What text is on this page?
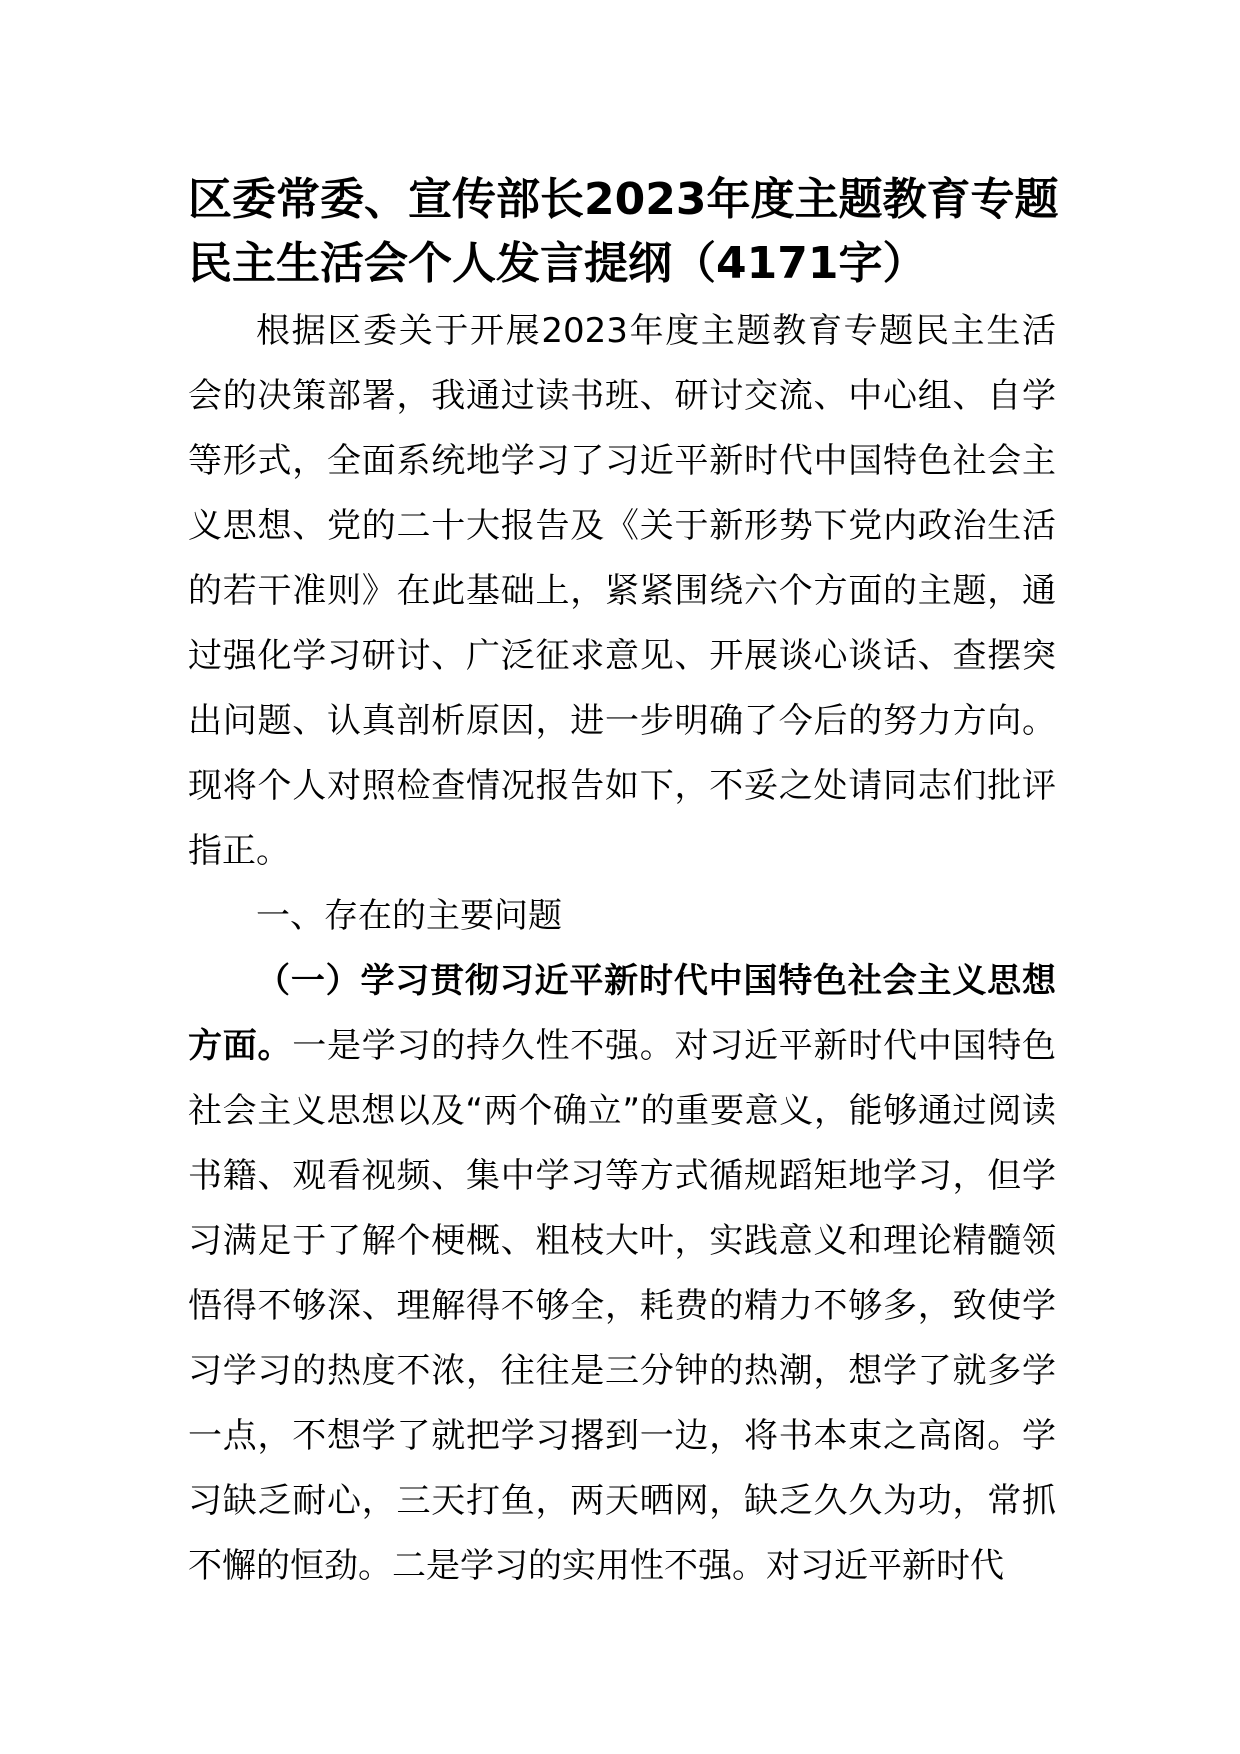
区委常委、宣传部长2023年度主题教育专题民主生活会个人发言提纲（4171字）

根据区委关于开展2023年度主题教育专题民主生活会的决策部署，我通过读书班、研讨交流、中心组、自学等形式，全面系统地学习了习近平新时代中国特色社会主义思想、党的二十大报告及《关于新形势下党内政治生活的若干准则》在此基础上，紧紧围绕六个方面的主题，通过强化学习研讨、广泛征求意见、开展谈心谈话、查摆突出问题、认真剖析原因，进一步明确了今后的努力方向。现将个人对照检查情况报告如下，不妥之处请同志们批评指正。

一、存在的主要问题

（一）学习贯彻习近平新时代中国特色社会主义思想方面。一是学习的持久性不强。对习近平新时代中国特色社会主义思想以及“两个确立”的重要意义，能够通过阅读书籍、观看视频、集中学习等方式循规蹈矩地学习，但学习满足于了解个梗概、粗枝大叶，实践意义和理论精髓领悟得不够深、理解得不够全，耗费的精力不够多，致使学习学习的热度不浓，往往是三分钟的热潮，想学了就多学一点，不想学了就把学习撂到一边，将书本束之高阁。学习缺乏耐心，三天打鱼，两天晒网，缺乏久久为功，常抓不懈的恒劲。二是学习的实用性不强。对习近平新时代
